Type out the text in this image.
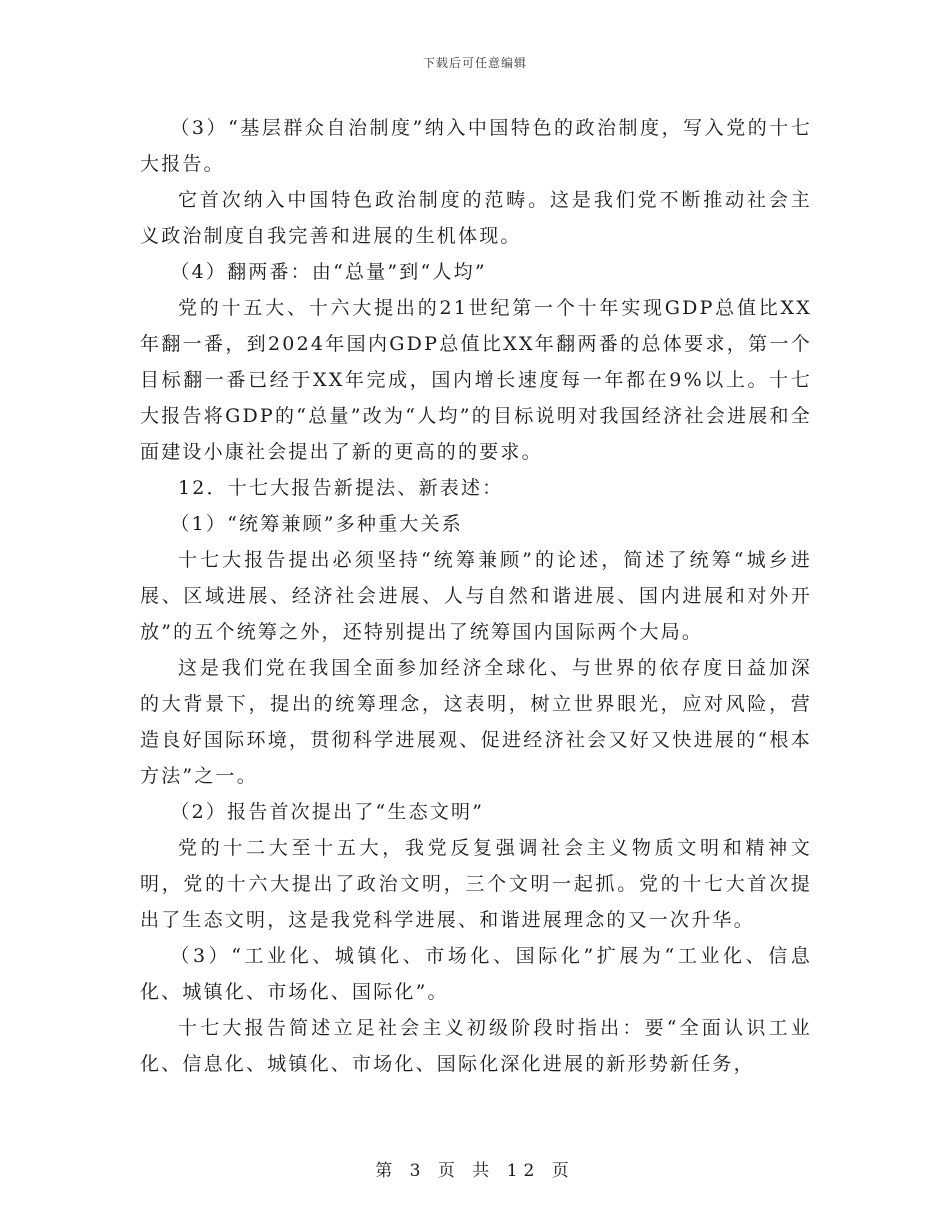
下载后可任意编辑

（3）“基层群众自治制度”纳入中国特色的政治制度，写入党的十七大报告。

它首次纳入中国特色政治制度的范畴。这是我们党不断推动社会主义政治制度自我完善和进展的生机体现。

（4）翻两番：由“总量”到“人均”

党的十五大、十六大提出的21世纪第一个十年实现GDP总值比XX年翻一番，到2024年国内GDP总值比XX年翻两番的总体要求，第一个目标翻一番已经于XX年完成，国内增长速度每一年都在9%以上。十七大报告将GDP的“总量”改为“人均”的目标说明对我国经济社会进展和全面建设小康社会提出了新的更高的的要求。

12．十七大报告新提法、新表述：

（1）“统筹兼顾”多种重大关系

十七大报告提出必须坚持“统筹兼顾”的论述，简述了统筹“城乡进展、区域进展、经济社会进展、人与自然和谐进展、国内进展和对外开放”的五个统筹之外，还特别提出了统筹国内国际两个大局。

这是我们党在我国全面参加经济全球化、与世界的依存度日益加深的大背景下，提出的统筹理念，这表明，树立世界眼光，应对风险，营造良好国际环境，贯彻科学进展观、促进经济社会又好又快进展的“根本方法”之一。

（2）报告首次提出了“生态文明”

党的十二大至十五大，我党反复强调社会主义物质文明和精神文明，党的十六大提出了政治文明，三个文明一起抓。党的十七大首次提出了生态文明，这是我党科学进展、和谐进展理念的又一次升华。

（3）“工业化、城镇化、市场化、国际化”扩展为“工业化、信息化、城镇化、市场化、国际化”。

十七大报告简述立足社会主义初级阶段时指出：要“全面认识工业化、信息化、城镇化、市场化、国际化深化进展的新形势新任务，

第 3 页 共 12 页
